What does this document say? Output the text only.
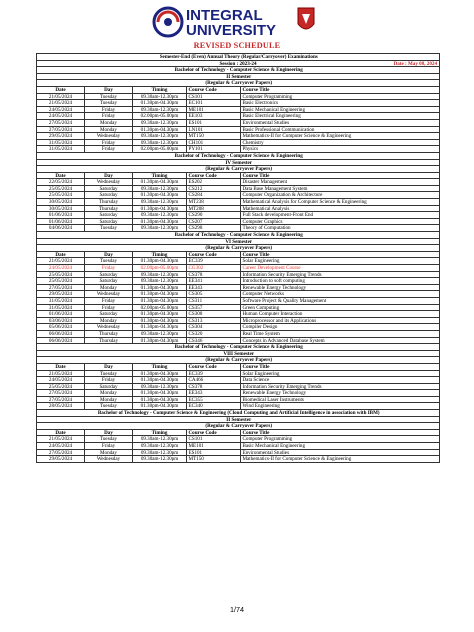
INTEGRAL
UNIVERSITY
REVISED SCHEDULE
Semester-End (Even) Annual Theory (Regular/Carryover) Examinations
Session : 2023-24	Date : May 08, 2024
Bachelor of Technology - Computer Science & Engineering
II Semester
(Regular & Carryover Papers)
Date	Day	Timing	Course Code	Course Title
21/05/2024	Tuesday	09.30am-12.30pm	CS101	Computer Programming
21/05/2024	Tuesday	01.30pm-04.30pm	EC101	Basic Electronics
24/05/2024	Friday	09.30am-12.30pm	ME101	Basic Mechanical Engineering
24/05/2024	Friday	02.00pm-05.00pm	EE103	Basic Electrical Engineering
27/05/2024	Monday	09.30am-12.30pm	ES101	Environmental Studies
27/05/2024	Monday	01.30pm-04.30pm	LN101	Basic Professional Communication
29/05/2024	Wednesday	09.30am-12.30pm	MT150	Mathematics-II for Computer Science & Engineering
31/05/2024	Friday	09.30am-12.30pm	CH101	Chemistry
31/05/2024	Friday	02.00pm-05.00pm	PY101	Physics
Bachelor of Technology - Computer Science & Engineering
IV Semester
(Regular & Carryover Papers)
Date	Day	Timing	Course Code	Course Title
22/05/2024	Wednesday	01.30pm-04.30pm	ES202	Disaster Management
25/05/2024	Saturday	09.30am-12.30pm	CS212	Data Base Management System
25/05/2024	Saturday	01.30pm-04.30pm	CS284	Computer Organization & Architecture
30/05/2024	Thursday	09.30am-12.30pm	MT238	Mathematical Analysis for Computer Science & Engineering
30/05/2024	Thursday	01.30pm-04.30pm	MT208	Mathematical Analysis
01/06/2024	Saturday	09.30am-12.30pm	CS290	Full Stack development-Front End
01/06/2024	Saturday	01.30pm-04.30pm	CS207	Computer Graphics
04/06/2024	Tuesday	09.30am-12.30pm	CS298	Theory of Computation
Bachelor of Technology - Computer Science & Engineering
VI Semester
(Regular & Carryover Papers)
Date	Day	Timing	Course Code	Course Title
21/05/2024	Tuesday	01.30pm-04.30pm	EC339	Solar Engineering
24/05/2024	Friday	02.00pm-05.00pm	CG302	Career Development Course
25/05/2024	Saturday	09.30am-12.30pm	CS378	Information Security Emerging Trends
25/05/2024	Saturday	09.30am-12.30pm	EE341	Introduction to soft computing
27/05/2024	Monday	01.30pm-04.30pm	EE343	Renewable Energy Technology
29/05/2024	Wednesday	01.30pm-04.30pm	CS305	Computer Networks
31/05/2024	Friday	01.30pm-04.30pm	CS311	Software Project & Quality Management
31/05/2024	Friday	02.00pm-05.00pm	CS357	Green Computing
01/06/2024	Saturday	01.30pm-04.30pm	CS308	Human Computer Interaction
03/06/2024	Monday	01.30pm-04.30pm	CS313	Microprocessor and its Applications
05/06/2024	Wednesday	01.30pm-04.30pm	CS304	Compiler Design
06/06/2024	Thursday	09.30am-12.30pm	CS320	Real Time System
06/06/2024	Thursday	01.30pm-04.30pm	CS346	Concepts in Advanced Database System
Bachelor of Technology - Computer Science & Engineering
VIII Semester
(Regular & Carryover Papers)
Date	Day	Timing	Course Code	Course Title
21/05/2024	Tuesday	01.30pm-04.30pm	EC339	Solar Engineering
24/05/2024	Friday	01.30pm-04.30pm	CA466	Data Science
25/05/2024	Saturday	09.30am-12.30pm	CS378	Information Security Emerging Trends
27/05/2024	Monday	01.30pm-04.30pm	EE343	Renewable Energy Technology
27/05/2024	Monday	01.30pm-04.30pm	EC355	Biomedical Laser Instruments
28/05/2024	Tuesday	01.30pm-04.30pm	EC340	Wind Engineering
Bachelor of Technology - Computer Science & Engineering (Cloud Computing and Artificial Intelligence in association with IBM)
II Semester
(Regular & Carryover Papers)
Date	Day	Timing	Course Code	Course Title
21/05/2024	Tuesday	09.30am-12.30pm	CS101	Computer Programming
24/05/2024	Friday	09.30am-12.30pm	ME101	Basic Mechanical Engineering
27/05/2024	Monday	09.30am-12.30pm	ES101	Environmental Studies
29/05/2024	Wednesday	09.30am-12.30pm	MT150	Mathematics-II for Computer Science & Engineering
1/74
